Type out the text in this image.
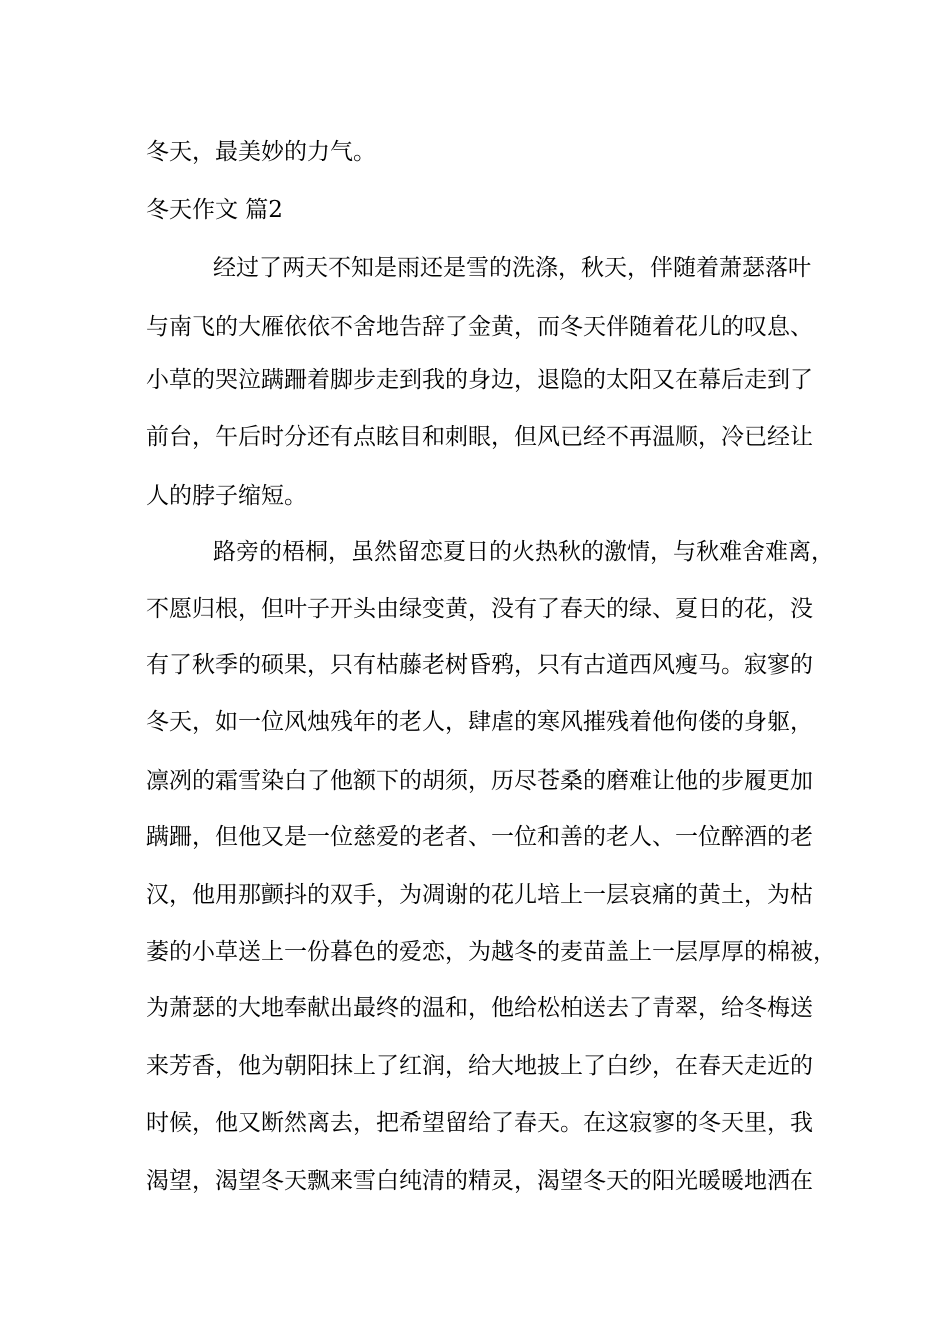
冬天，最美妙的力气。

冬天作文 篇2

经过了两天不知是雨还是雪的洗涤，秋天，伴随着萧瑟落叶

与南飞的大雁依依不舍地告辞了金黄，而冬天伴随着花儿的叹息、

小草的哭泣蹒跚着脚步走到我的身边，退隐的太阳又在幕后走到了

前台，午后时分还有点眩目和刺眼，但风已经不再温顺，冷已经让

人的脖子缩短。

路旁的梧桐，虽然留恋夏日的火热秋的激情，与秋难舍难离，

不愿归根，但叶子开头由绿变黄，没有了春天的绿、夏日的花，没

有了秋季的硕果，只有枯藤老树昏鸦，只有古道西风瘦马。寂寥的

冬天，如一位风烛残年的老人，肆虐的寒风摧残着他佝偻的身躯，

凛冽的霜雪染白了他额下的胡须，历尽苍桑的磨难让他的步履更加

蹒跚，但他又是一位慈爱的老者、一位和善的老人、一位醉酒的老

汉，他用那颤抖的双手，为凋谢的花儿培上一层哀痛的黄土，为枯

萎的小草送上一份暮色的爱恋，为越冬的麦苗盖上一层厚厚的棉被，

为萧瑟的大地奉献出最终的温和，他给松柏送去了青翠，给冬梅送

来芳香，他为朝阳抹上了红润，给大地披上了白纱，在春天走近的

时候，他又断然离去，把希望留给了春天。在这寂寥的冬天里，我

渴望，渴望冬天飘来雪白纯清的精灵，渴望冬天的阳光暖暖地洒在
